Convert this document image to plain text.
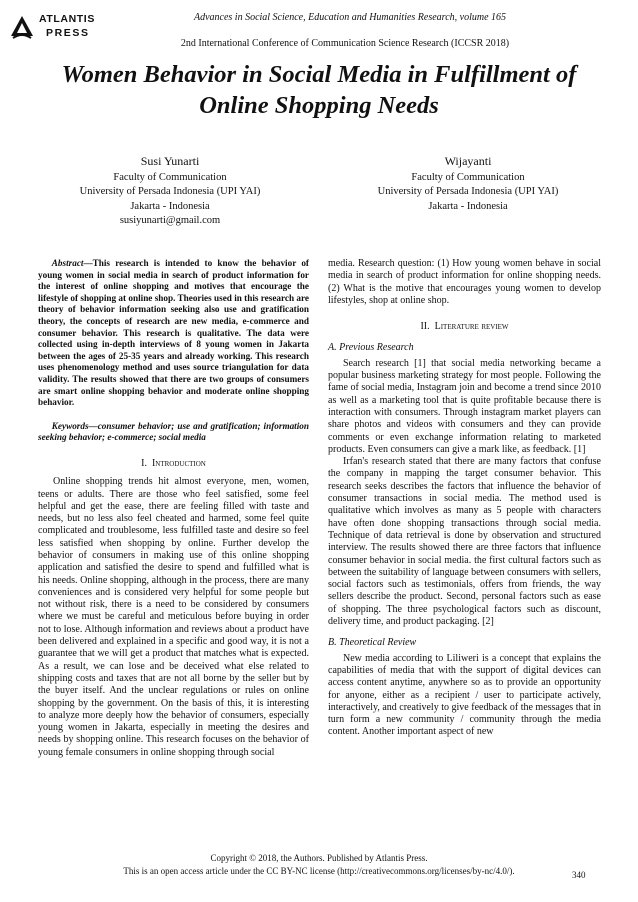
ATLANTIS
PRESS
Advances in Social Science, Education and Humanities Research, volume 165
2nd International Conference of Communication Science Research (ICCSR 2018)
Women Behavior in Social Media in Fulfillment of
Online Shopping Needs
Susi Yunarti
Faculty of Communication
University of Persada Indonesia (UPI YAI)
Jakarta - Indonesia
susiyunarti@gmail.com
Wijayanti
Faculty of Communication
University of Persada Indonesia (UPI YAI)
Jakarta - Indonesia

Abstract—This research is intended to know the behavior of young women in social media in search of product information for the interest of online shopping and motives that encourage the lifestyle of shopping at online shop. Theories used in this research are theory of behavior information seeking also use and gratification theory, the concepts of research are new media, e-commerce and consumer behavior. This research is qualitative. The data were collected using in-depth interviews of 8 young women in Jakarta between the ages of 25-35 years and already working. This research uses phenomenology method and uses source triangulation for data validity. The results showed that there are two groups of consumers are smart online shopping behavior and moderate online shopping behavior.

Keywords—consumer behavior; use and gratification; information seeking behavior; e-commerce; social media

I. Introduction

Online shopping trends hit almost everyone, men, women, teens or adults. There are those who feel satisfied, some feel helpful and get the ease, there are feeling filled with taste and needs, but no less also feel cheated and harmed, some feel quite complicated and troublesome, less fulfilled taste and desire so feel less satisfied when shopping by online. Further develop the behavior of consumers in making use of this online shopping application and satisfied the desire to spend and fulfilled what is his needs. Online shopping, although in the process, there are many conveniences and is considered very helpful for some people but not without risk, there is a need to be considered by consumers where we must be careful and meticulous before buying in order not to lose. Although information and reviews about a product have been delivered and explained in a specific and good way, it is not a guarantee that we will get a product that matches what is expected. As a result, we can lose and be deceived what else related to shipping costs and taxes that are not all borne by the seller but by the buyer itself. And the unclear regulations or rules on online shopping by the government. On the basis of this, it is interesting to analyze more deeply how the behavior of consumers, especially young women in Jakarta, especially in meeting the desires and needs by shopping online. This research focuses on the behavior of young female consumers in online shopping through social

media. Research question: (1) How young women behave in social media in search of product information for online shopping needs. (2) What is the motive that encourages young women to develop lifestyles, shop at online shop.

II. Literature review
A. Previous Research

Search research [1] that social media networking became a popular business marketing strategy for most people. Following the fame of social media, Instagram join and become a trend since 2010 as well as a marketing tool that is quite profitable because there is interaction with consumers. Through instagram market players can share photos and videos with consumers and they can provide comments or even exchange information relating to marketed products. Even consumers can give a mark like, as feedback. [1]

Irfan's research stated that there are many factors that confuse the company in mapping the target consumer behavior. This research seeks describes the factors that influence the behavior of consumer transactions in social media. The method used is qualitative which involves as many as 5 people with characters have often done shopping transactions through social media. Technique of data retrieval is done by observation and structured interview. The results showed there are three factors that influence consumer behavior in social media. the first cultural factors such as between the suitability of language between consumers with sellers, social factors such as testimonials, offers from friends, the way sellers describe the product. Second, personal factors such as ease of shopping. The three psychological factors such as discount, delivery time, and product packaging. [2]

B. Theoretical Review

New media according to Liliweri is a concept that explains the capabilities of media that with the support of digital devices can access content anytime, anywhere so as to provide an opportunity for anyone, either as a recipient / user to participate actively, interactively, and creatively to give feedback of the messages that in turn form a new community / community through the media content. Another important aspect of new

Copyright © 2018, the Authors. Published by Atlantis Press.
This is an open access article under the CC BY-NC license (http://creativecommons.org/licenses/by-nc/4.0/).	340
